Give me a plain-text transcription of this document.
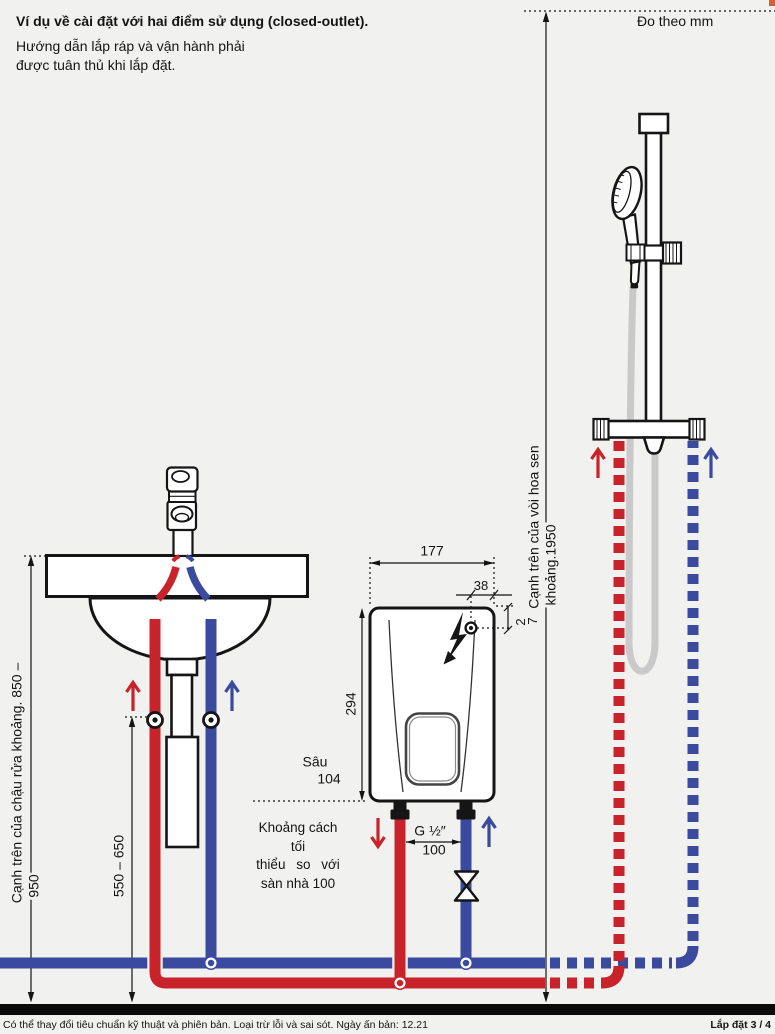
Ví dụ về cài đặt với hai điểm sử dụng (closed-outlet).
Hướng dẫn lắp ráp và vận hành phải
được tuân thủ khi lắp đặt.
Đo theo mm
177
38
2
7
294
Sâu
104
G ½″
100
Khoảng cách tối
thiểu so với
sàn nhà 100
550 – 650
Cạnh trên của chậu rửa khoảng. 850 – 950
Cạnh trên của vòi hoa sen khoảng.1950
Có thể thay đổi tiêu chuẩn kỹ thuật và phiên bản. Loại trừ lỗi và sai sót. Ngày ấn bản: 12.21	Lắp đặt 3 / 4
